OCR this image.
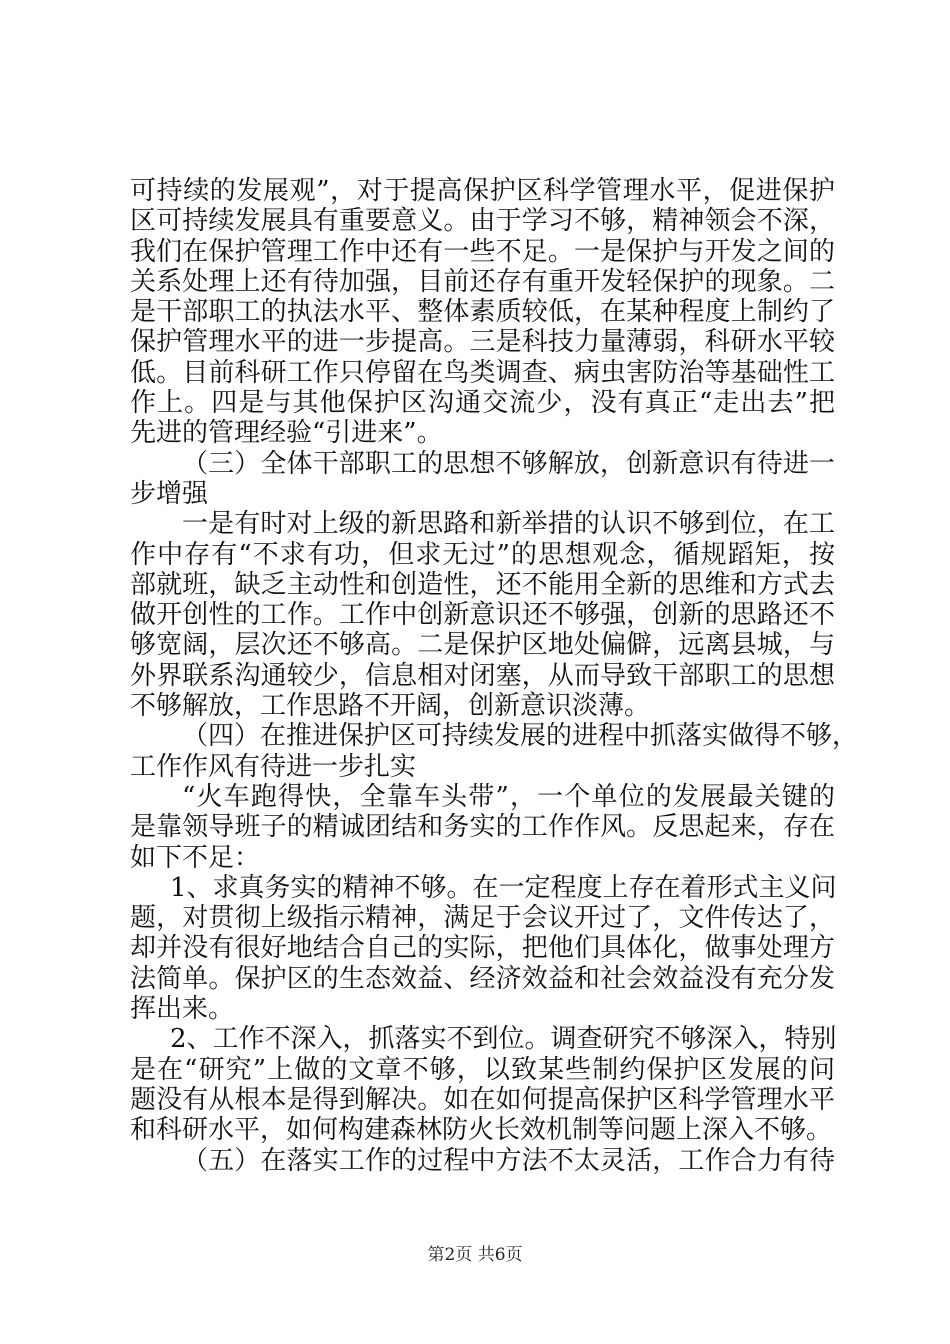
可持续的发展观”，对于提高保护区科学管理水平，促进保护
区可持续发展具有重要意义。由于学习不够，精神领会不深，
我们在保护管理工作中还有一些不足。一是保护与开发之间的
关系处理上还有待加强，目前还存有重开发轻保护的现象。二
是干部职工的执法水平、整体素质较低，在某种程度上制约了
保护管理水平的进一步提高。三是科技力量薄弱，科研水平较
低。目前科研工作只停留在鸟类调查、病虫害防治等基础性工
作上。四是与其他保护区沟通交流少，没有真正“走出去”把
先进的管理经验“引进来”。
（三）全体干部职工的思想不够解放，创新意识有待进一
步增强
一是有时对上级的新思路和新举措的认识不够到位，在工
作中存有“不求有功，但求无过”的思想观念，循规蹈矩，按
部就班，缺乏主动性和创造性，还不能用全新的思维和方式去
做开创性的工作。工作中创新意识还不够强，创新的思路还不
够宽阔，层次还不够高。二是保护区地处偏僻，远离县城，与
外界联系沟通较少，信息相对闭塞，从而导致干部职工的思想
不够解放，工作思路不开阔，创新意识淡薄。
（四）在推进保护区可持续发展的进程中抓落实做得不够，
工作作风有待进一步扎实
“火车跑得快，全靠车头带”，一个单位的发展最关键的
是靠领导班子的精诚团结和务实的工作作风。反思起来，存在
如下不足：
1、求真务实的精神不够。在一定程度上存在着形式主义问
题，对贯彻上级指示精神，满足于会议开过了，文件传达了，
却并没有很好地结合自己的实际，把他们具体化，做事处理方
法简单。保护区的生态效益、经济效益和社会效益没有充分发
挥出来。
2、工作不深入，抓落实不到位。调查研究不够深入，特别
是在“研究”上做的文章不够，以致某些制约保护区发展的问
题没有从根本是得到解决。如在如何提高保护区科学管理水平
和科研水平，如何构建森林防火长效机制等问题上深入不够。
（五）在落实工作的过程中方法不太灵活，工作合力有待
第2页 共6页
